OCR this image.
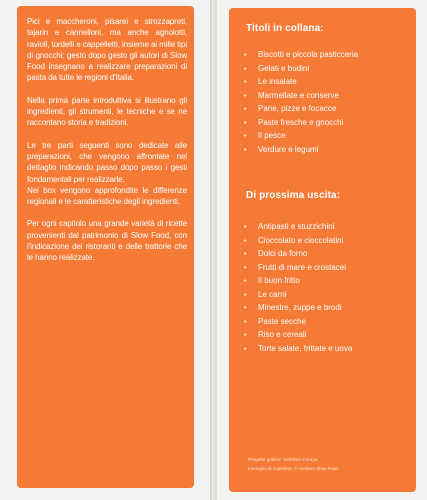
Pici e maccheroni, pisarei e strozzapreti, tajarin e cannelloni, ma anche agnolotti, ravioli, tordelli e cappelletti, insieme ai mille tipi di gnocchi: gesto dopo gesto gli autori di Slow Food insegnano a realizzare preparazioni di pasta da tutte le regioni d'Italia.

Nella prima parte introduttiva si illustrano gli ingredienti, gli strumenti, le tecniche e se ne raccontano storia e tradizioni.

Le tre parti seguenti sono dedicate alle preparazioni, che vengono affrontate nel dettaglio indicando passo dopo passo i gesti fondamentali per realizzarle.

Nei box vengono approfondite le differenze regionali e le caratteristiche degli ingredienti.

Per ogni capitolo una grande varietà di ricette provenienti dal patrimonio di Slow Food, con l'indicazione dei ristoranti e delle trattorie che le hanno realizzate.

Titoli in collana:
• Biscotti e piccola pasticceria
• Gelati e budini
• Le insalate
• Marmellate e conserve
• Pane, pizze e focacce
• Paste fresche e gnocchi
• Il pesce
• Verdure e legumi
Di prossima uscita:
• Antipasti e stuzzichini
• Cioccolato e cioccolatini
• Dolci da forno
• Frutti di mare e crostacei
• Il buon fritto
• Le carni
• Minestre, zuppe e brodi
• Paste secche
• Riso e cereali
• Torte salate, frittate e uova
Progetto grafico: Yoshihiro Furuya
Immagini di copertina: © Archivio Slow Food
